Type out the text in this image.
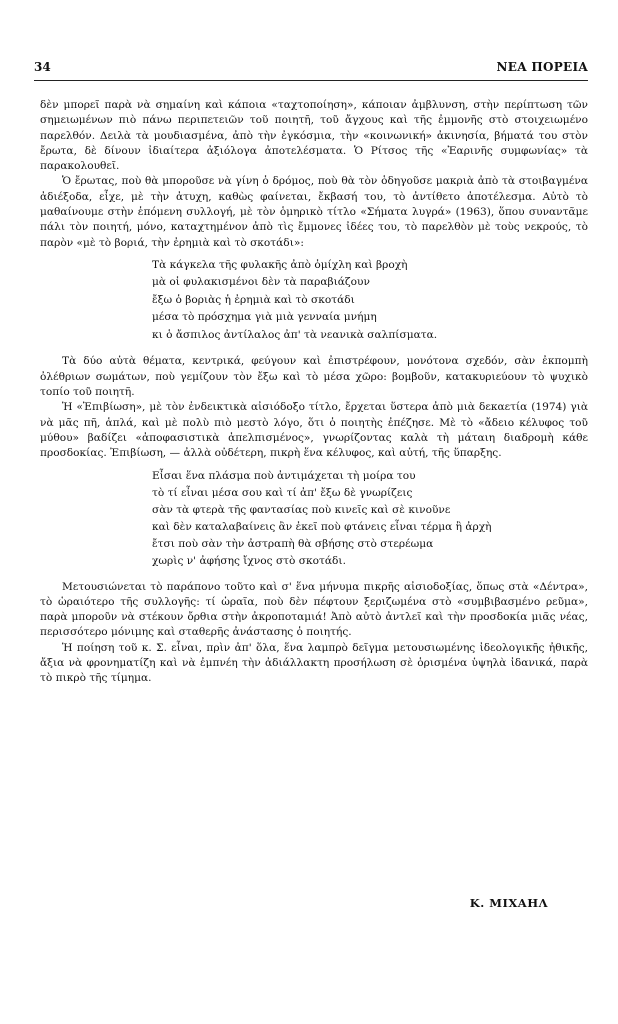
34	ΝΕΑ ΠΟΡΕΙΑ

δὲν μπορεῖ παρὰ νὰ σημαίνη καὶ κάποια «ταχτοποίηση», κάποιαν ἀμβλυνση, στὴν περίπτωση τῶν σημειωμένων πιὸ πάνω περιπετειῶν τοῦ ποιητῆ, τοῦ ἄγχους καὶ τῆς ἐμμονῆς στὸ στοιχειωμένο παρελθόν. Δειλὰ τὰ μουδιασμένα, ἀπὸ τὴν ἐγκόσμια, τὴν «κοινωνική» ἀκινησία, βήματά του στὸν ἔρωτα, δὲ δίνουν ἰδιαίτερα ἀξιόλογα ἀποτελέσματα. Ὁ Ρίτσος τῆς «Ἐαρινῆς συμφωνίας» τὰ παρακολουθεῖ.

Ὁ ἔρωτας, ποὺ θὰ μποροῦσε νὰ γίνη ὁ δρόμος, ποὺ θὰ τὸν ὁδηγοῦσε μακριὰ ἀπὸ τὰ στοιβαγμένα ἀδιέξοδα, εἶχε, μὲ τὴν ἀτυχη, καθὼς φαίνεται, ἔκβασή του, τὸ ἀντίθετο ἀποτέλεσμα. Αὐτὸ τὸ μαθαίνουμε στὴν ἑπόμενη συλλογή, μὲ τὸν ὁμηρικὸ τίτλο «Σήματα λυγρά» (1963), ὅπου συναντᾶμε πάλι τὸν ποιητή, μόνο, καταχτημένον ἀπὸ τὶς ἔμμονες ἰδέες του, τὸ παρελθὸν μὲ τοὺς νεκρούς, τὸ παρὸν «μὲ τὸ βοριά, τὴν ἐρημιὰ καὶ τὸ σκοτάδι»:

Τὰ κάγκελα τῆς φυλακῆς ἀπὸ ὀμίχλη καὶ βροχὴ
μὰ οἱ φυλακισμένοι δὲν τὰ παραβιάζουν
ἔξω ὁ βοριὰς ἡ ἐρημιὰ καὶ τὸ σκοτάδι
μέσα τὸ πρόσχημα γιὰ μιὰ γενναία μνήμη
κι ὁ ἄσπιλος ἀντίλαλος ἀπ' τὰ νεανικὰ σαλπίσματα.

Τὰ δύο αὐτὰ θέματα, κεντρικά, φεύγουν καὶ ἐπιστρέφουν, μονότονα σχεδόν, σὰν ἐκπομπὴ ὀλέθριων σωμάτων, ποὺ γεμίζουν τὸν ἔξω καὶ τὸ μέσα χῶρο: βομβοῦν, κατακυριεύουν τὸ ψυχικὸ τοπίο τοῦ ποιητῆ.

Ἡ «Ἐπιβίωση», μὲ τὸν ἐνδεικτικὰ αἰσιόδοξο τίτλο, ἔρχεται ὕστερα ἀπὸ μιὰ δεκαετία (1974) γιὰ νὰ μᾶς πῆ, ἁπλά, καὶ μὲ πολὺ πιὸ μεστὸ λόγο, ὅτι ὁ ποιητὴς ἐπέζησε. Μὲ τὸ «ἄδειο κέλυφος τοῦ μύθου» βαδίζει «ἀποφασιστικὰ ἀπελπισμένος», γνωρίζοντας καλὰ τὴ μάταιη διαδρομὴ κάθε προσδοκίας. Ἐπιβίωση, — ἀλλὰ οὐδέτερη, πικρὴ ἕνα κέλυφος, καὶ αὐτή, τῆς ὕπαρξης.

Εἶσαι ἕνα πλάσμα ποὺ ἀντιμάχεται τὴ μοίρα του
τὸ τί εἶναι μέσα σου καὶ τί ἀπ' ἔξω δὲ γνωρίζεις
σὰν τὰ φτερὰ τῆς φαντασίας ποὺ κινεῖς καὶ σὲ κινοῦνε
καὶ δὲν καταλαβαίνεις ἂν ἐκεῖ ποὺ φτάνεις εἶναι τέρμα ἢ ἀρχὴ
ἔτσι ποὺ σὰν τὴν ἀστραπὴ θὰ σβήσης στὸ στερέωμα
χωρὶς ν' ἀφήσης ἴχνος στὸ σκοτάδι.

Μετουσιώνεται τὸ παράπονο τοῦτο καὶ σ' ἕνα μήνυμα πικρῆς αἰσιοδοξίας, ὅπως στὰ «Δέντρα», τὸ ὡραιότερο τῆς συλλογῆς: τί ὡραῖα, ποὺ δὲν πέφτουν ξεριζωμένα στὸ «συμβιβασμένο ρεῦμα», παρὰ μποροῦν νὰ στέκουν ὄρθια στὴν ἀκροποταμιά! Ἀπὸ αὐτὸ ἀντλεῖ καὶ τὴν προσδοκία μιᾶς νέας, περισσότερο μόνιμης καὶ σταθερῆς ἀνάστασης ὁ ποιητής.

Ἡ ποίηση τοῦ κ. Σ. εἶναι, πρὶν ἀπ' ὅλα, ἕνα λαμπρὸ δεῖγμα μετουσιωμένης ἰδεολογικῆς ἠθικῆς, ἄξια νὰ φρονηματίζη καὶ νὰ ἐμπνέη τὴν ἀδιάλλακτη προσήλωση σὲ ὁρισμένα ὑψηλὰ ἰδανικά, παρὰ τὸ πικρὸ τῆς τίμημα.

Κ. ΜΙΧΑΗΛ
